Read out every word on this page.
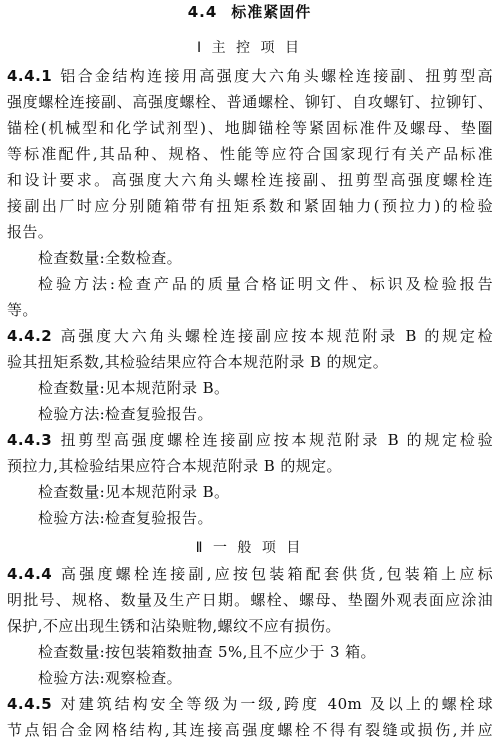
4.4 标准紧固件
Ⅰ 主 控 项 目
4.4.1 铝合金结构连接用高强度大六角头螺栓连接副、扭剪型高
强度螺栓连接副、高强度螺栓、普通螺栓、铆钉、自攻螺钉、拉铆钉、
锚栓(机械型和化学试剂型)、地脚锚栓等紧固标准件及螺母、垫圈
等标准配件,其品种、规格、性能等应符合国家现行有关产品标准
和设计要求。高强度大六角头螺栓连接副、扭剪型高强度螺栓连
接副出厂时应分别随箱带有扭矩系数和紧固轴力(预拉力)的检验
报告。
检查数量:全数检查。
检验方法:检查产品的质量合格证明文件、标识及检验报告
等。
4.4.2 高强度大六角头螺栓连接副应按本规范附录 B 的规定检
验其扭矩系数,其检验结果应符合本规范附录 B 的规定。
检查数量:见本规范附录 B。
检验方法:检查复验报告。
4.4.3 扭剪型高强度螺栓连接副应按本规范附录 B 的规定检验
预拉力,其检验结果应符合本规范附录 B 的规定。
检查数量:见本规范附录 B。
检验方法:检查复验报告。
Ⅱ 一 般 项 目
4.4.4 高强度螺栓连接副,应按包装箱配套供货,包装箱上应标
明批号、规格、数量及生产日期。螺栓、螺母、垫圈外观表面应涂油
保护,不应出现生锈和沾染赃物,螺纹不应有损伤。
检查数量:按包装箱数抽查 5%,且不应少于 3 箱。
检验方法:观察检查。
4.4.5 对建筑结构安全等级为一级,跨度 40m 及以上的螺栓球
节点铝合金网格结构,其连接高强度螺栓不得有裂缝或损伤,并应
